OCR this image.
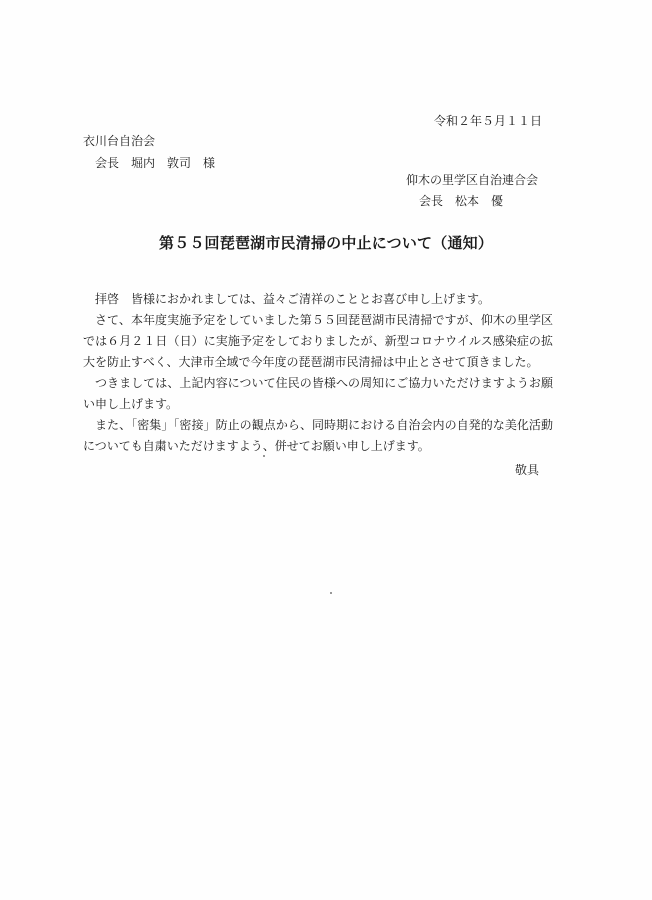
令和２年５月１１日
衣川台自治会
会長　堀内　敦司　様
仰木の里学区自治連合会
会長　松本　優
第５５回琵琶湖市民清掃の中止について（通知）

拝啓　皆様におかれましては、益々ご清祥のこととお喜び申し上げます。

さて、本年度実施予定をしていました第５５回琵琶湖市民清掃ですが、仰木の里学区では６月２１日（日）に実施予定をしておりましたが、新型コロナウイルス感染症の拡大を防止すべく、大津市全域で今年度の琵琶湖市民清掃は中止とさせて頂きました。

つきましては、上記内容について住民の皆様への周知にご協力いただけますようお願い申し上げます。

また、「密集」「密接」防止の観点から、同時期における自治会内の自発的な美化活動についても自粛いただけますよう、併せてお願い申し上げます。

敬具
